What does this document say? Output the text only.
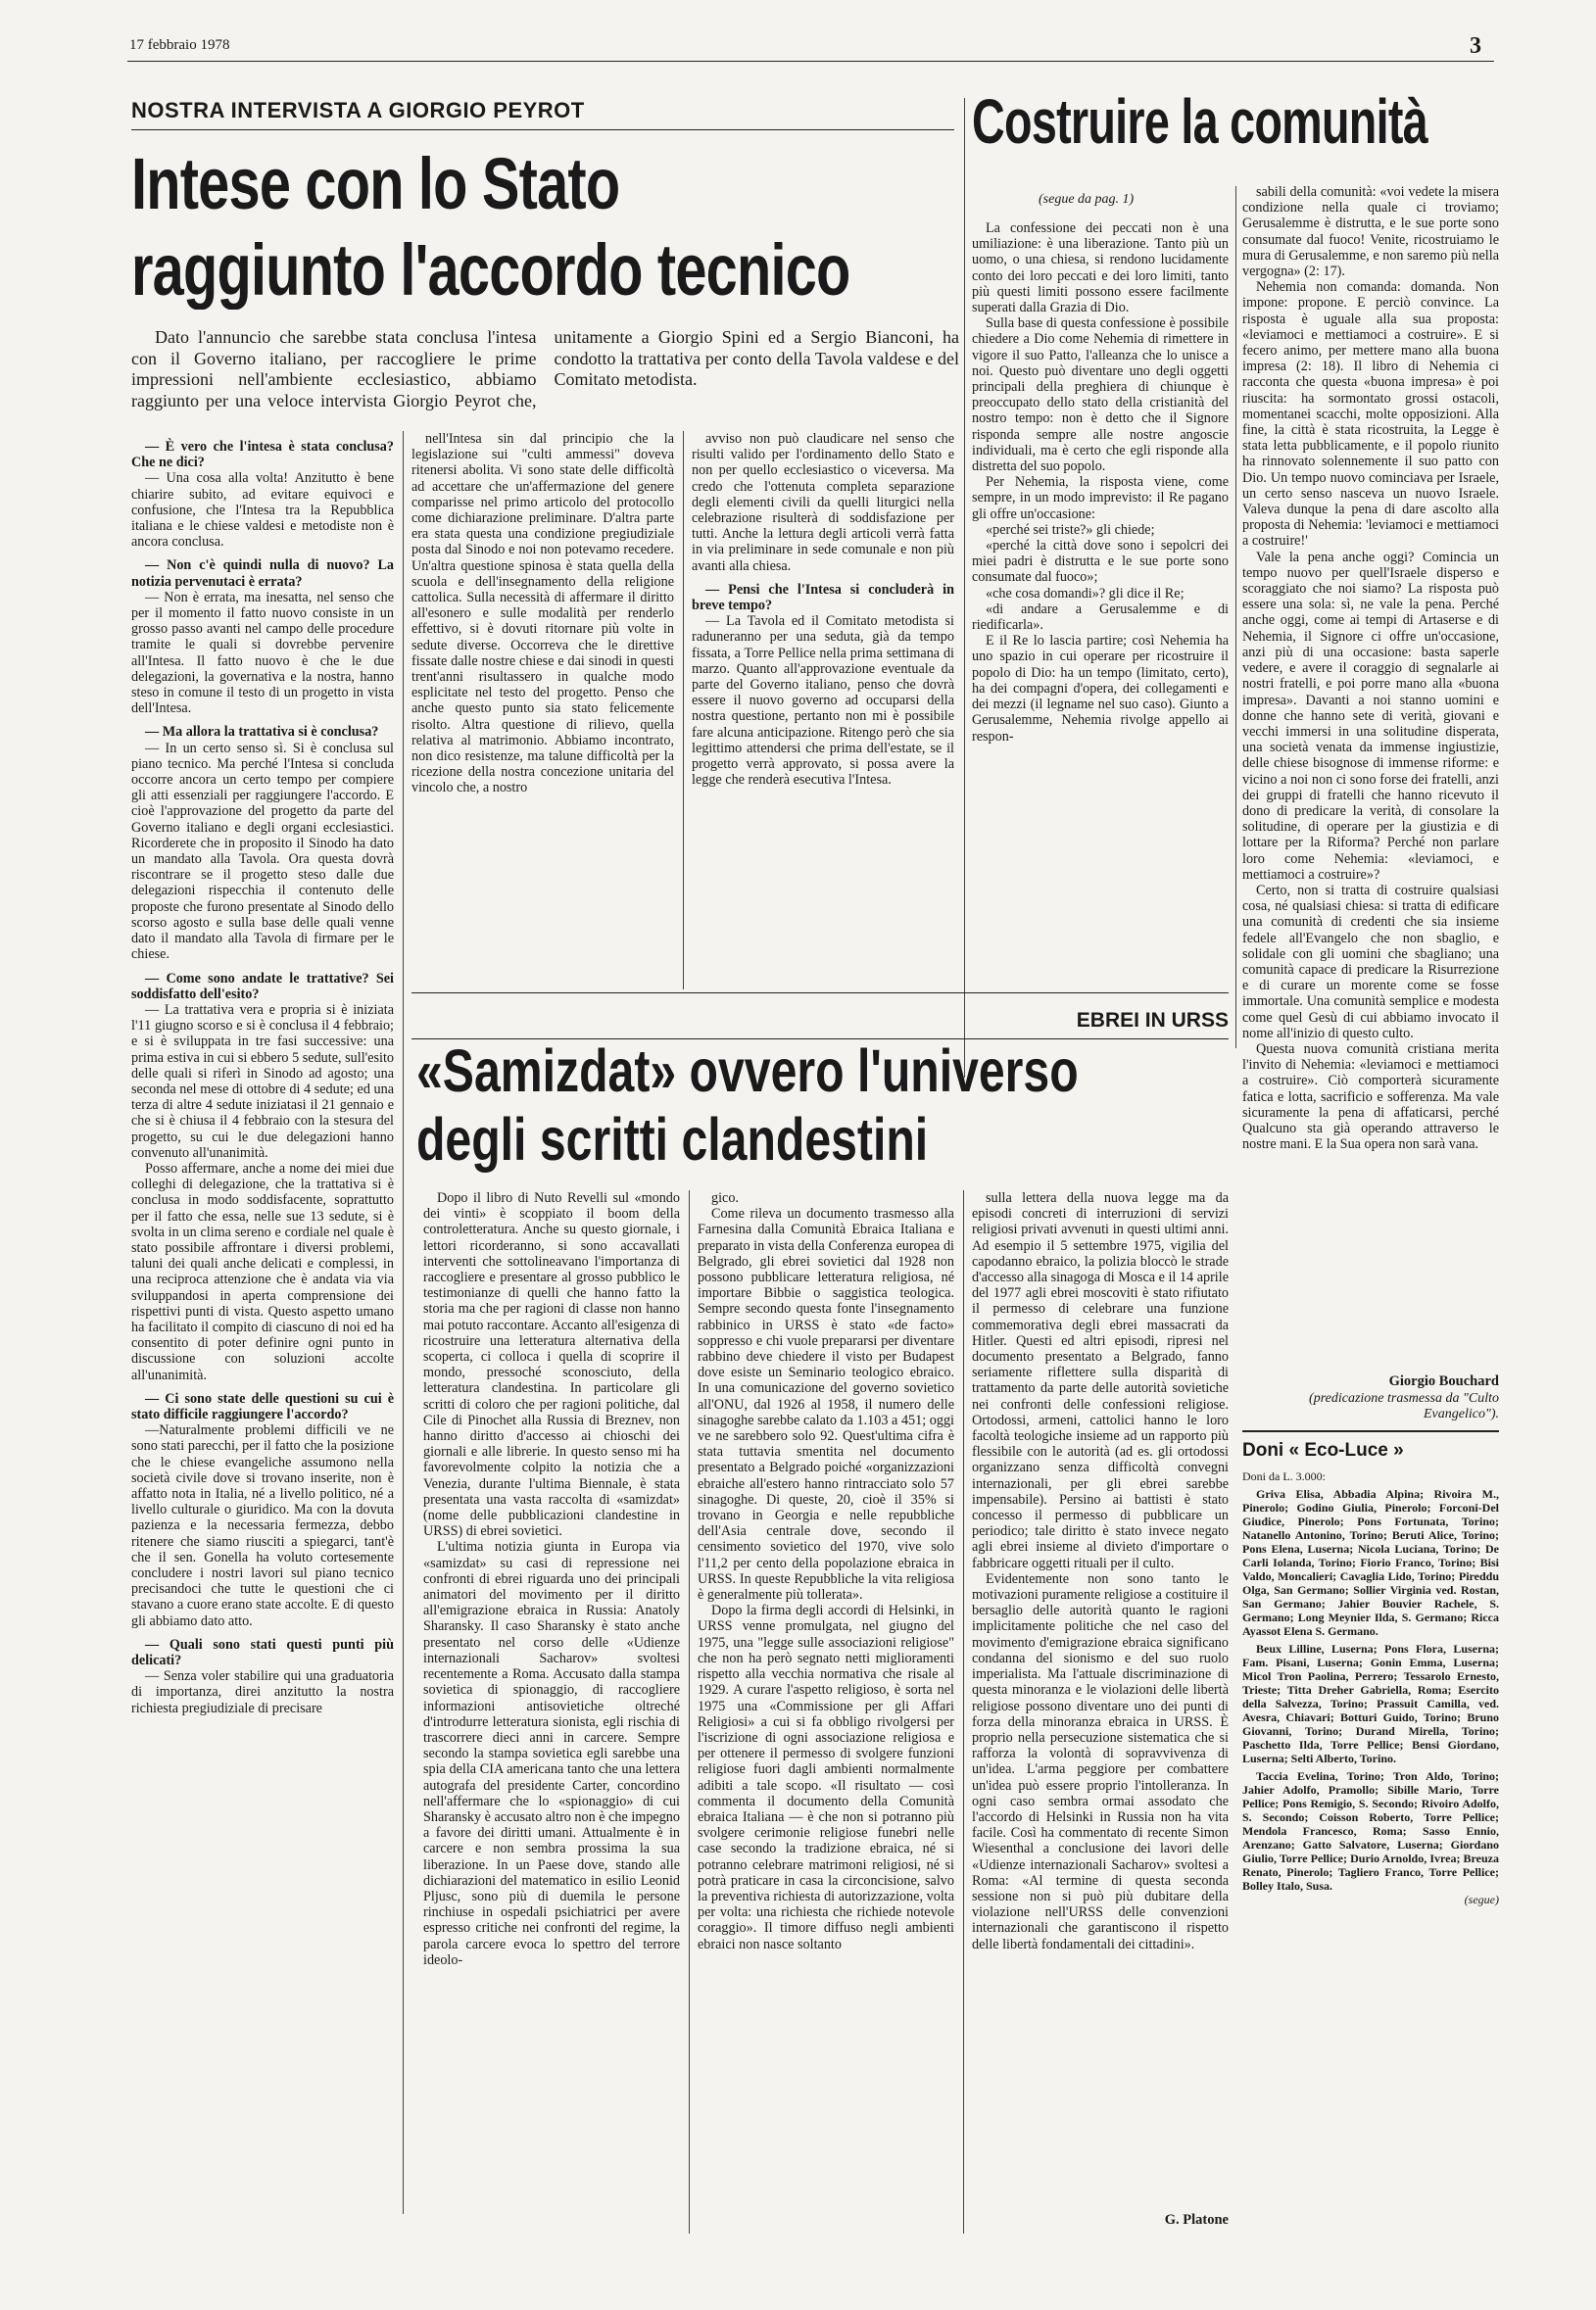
17 febbraio 1978	3
NOSTRA INTERVISTA A GIORGIO PEYROT
Intese con lo Stato
raggiunto l'accordo tecnico
Dato l'annuncio che sarebbe stata conclusa l'intesa con il Governo italiano, per raccogliere le prime impressioni nell'ambiente ecclesiastico, abbiamo raggiunto per una veloce intervista Giorgio Peyrot che, unitamente a Giorgio Spini ed a Sergio Bianconi, ha condotto la trattativa per conto della Tavola valdese e del Comitato metodista.

— È vero che l'intesa è stata conclusa? Che ne dici?

— Una cosa alla volta! Anzitutto è bene chiarire subito, ad evitare equivoci e confusione, che l'Intesa tra la Repubblica italiana e le chiese valdesi e metodiste non è ancora conclusa.

— Non c'è quindi nulla di nuovo? La notizia pervenutaci è errata?

— Non è errata, ma inesatta, nel senso che per il momento il fatto nuovo consiste in un grosso passo avanti nel campo delle procedure tramite le quali si dovrebbe pervenire all'Intesa. Il fatto nuovo è che le due delegazioni, la governativa e la nostra, hanno steso in comune il testo di un progetto in vista dell'Intesa.

— Ma allora la trattativa si è conclusa?

— In un certo senso sì. Si è conclusa sul piano tecnico. Ma perché l'Intesa si concluda occorre ancora un certo tempo per compiere gli atti essenziali per raggiungere l'accordo. E cioè l'approvazione del progetto da parte del Governo italiano e degli organi ecclesiastici. Ricorderete che in proposito il Sinodo ha dato un mandato alla Tavola. Ora questa dovrà riscontrare se il progetto steso dalle due delegazioni rispecchia il contenuto delle proposte che furono presentate al Sinodo dello scorso agosto e sulla base delle quali venne dato il mandato alla Tavola di firmare per le chiese.

— Come sono andate le trattative? Sei soddisfatto dell'esito?

— La trattativa vera e propria si è iniziata l'11 giugno scorso e si è conclusa il 4 febbraio; e si è sviluppata in tre fasi successive: una prima estiva in cui si ebbero 5 sedute, sull'esito delle quali si riferì in Sinodo ad agosto; una seconda nel mese di ottobre di 4 sedute; ed una terza di altre 4 sedute iniziatasi il 21 gennaio e che si è chiusa il 4 febbraio con la stesura del progetto, su cui le due delegazioni hanno convenuto all'unanimità.

Posso affermare, anche a nome dei miei due colleghi di delegazione, che la trattativa si è conclusa in modo soddisfacente, soprattutto per il fatto che essa, nelle sue 13 sedute, si è svolta in un clima sereno e cordiale nel quale è stato possibile affrontare i diversi problemi, taluni dei quali anche delicati e complessi, in una reciproca attenzione che è andata via via sviluppandosi in aperta comprensione dei rispettivi punti di vista. Questo aspetto umano ha facilitato il compito di ciascuno di noi ed ha consentito di poter definire ogni punto in discussione con soluzioni accolte all'unanimità.

— Ci sono state delle questioni su cui è stato difficile raggiungere l'accordo?

—Naturalmente problemi difficili ve ne sono stati parecchi, per il fatto che la posizione che le chiese evangeliche assumono nella società civile dove si trovano inserite, non è affatto nota in Italia, né a livello politico, né a livello culturale o giuridico. Ma con la dovuta pazienza e la necessaria fermezza, debbo ritenere che siamo riusciti a spiegarci, tant'è che il sen. Gonella ha voluto cortesemente concludere i nostri lavori sul piano tecnico precisandoci che tutte le questioni che ci stavano a cuore erano state accolte. E di questo gli abbiamo dato atto.

— Quali sono stati questi punti più delicati?

— Senza voler stabilire qui una graduatoria di importanza, direi anzitutto la nostra richiesta pregiudiziale di precisare

nell'Intesa sin dal principio che la legislazione sui "culti ammessi" doveva ritenersi abolita. Vi sono state delle difficoltà ad accettare che un'affermazione del genere comparisse nel primo articolo del protocollo come dichiarazione preliminare. D'altra parte era stata questa una condizione pregiudiziale posta dal Sinodo e noi non potevamo recedere. Un'altra questione spinosa è stata quella della scuola e dell'insegnamento della religione cattolica. Sulla necessità di affermare il diritto all'esonero e sulle modalità per renderlo effettivo, si è dovuti ritornare più volte in sedute diverse. Occorreva che le direttive fissate dalle nostre chiese e dai sinodi in questi trent'anni risultassero in qualche modo esplicitate nel testo del progetto. Penso che anche questo punto sia stato felicemente risolto. Altra questione di rilievo, quella relativa al matrimonio. Abbiamo incontrato, non dico resistenze, ma talune difficoltà per la ricezione della nostra concezione unitaria del vincolo che, a nostro

avviso non può claudicare nel senso che risulti valido per l'ordinamento dello Stato e non per quello ecclesiastico o viceversa. Ma credo che l'ottenuta completa separazione degli elementi civili da quelli liturgici nella celebrazione risulterà di soddisfazione per tutti. Anche la lettura degli articoli verrà fatta in via preliminare in sede comunale e non più avanti alla chiesa.

— Pensi che l'Intesa si concluderà in breve tempo?

— La Tavola ed il Comitato metodista si raduneranno per una seduta, già da tempo fissata, a Torre Pellice nella prima settimana di marzo. Quanto all'approvazione eventuale da parte del Governo italiano, penso che dovrà essere il nuovo governo ad occuparsi della nostra questione, pertanto non mi è possibile fare alcuna anticipazione. Ritengo però che sia legittimo attendersi che prima dell'estate, se il progetto verrà approvato, si possa avere la legge che renderà esecutiva l'Intesa.

Costruire la comunità
(segue da pag. 1)

La confessione dei peccati non è una umiliazione: è una liberazione. Tanto più un uomo, o una chiesa, si rendono lucidamente conto dei loro peccati e dei loro limiti, tanto più questi limiti possono essere facilmente superati dalla Grazia di Dio.

Sulla base di questa confessione è possibile chiedere a Dio come Nehemia di rimettere in vigore il suo Patto, l'alleanza che lo unisce a noi. Questo può diventare uno degli oggetti principali della preghiera di chiunque è preoccupato dello stato della cristianità del nostro tempo: non è detto che il Signore risponda sempre alle nostre angoscie individuali, ma è certo che egli risponde alla distretta del suo popolo.

Per Nehemia, la risposta viene, come sempre, in un modo imprevisto: il Re pagano gli offre un'occasione:

«perché sei triste?» gli chiede;

«perché la città dove sono i sepolcri dei miei padri è distrutta e le sue porte sono consumate dal fuoco»;

«che cosa domandi»? gli dice il Re;

«di andare a Gerusalemme e di riedificarla».

E il Re lo lascia partire; così Nehemia ha uno spazio in cui operare per ricostruire il popolo di Dio: ha un tempo (limitato, certo), ha dei compagni d'opera, dei collegamenti e dei mezzi (il legname nel suo caso). Giunto a Gerusalemme, Nehemia rivolge appello ai respon-

sabili della comunità: «voi vedete la misera condizione nella quale ci troviamo; Gerusalemme è distrutta, e le sue porte sono consumate dal fuoco! Venite, ricostruiamo le mura di Gerusalemme, e non saremo più nella vergogna» (2: 17).

Nehemia non comanda: domanda. Non impone: propone. E perciò convince. La risposta è uguale alla sua proposta: «leviamoci e mettiamoci a costruire». E si fecero animo, per mettere mano alla buona impresa (2: 18). Il libro di Nehemia ci racconta che questa «buona impresa» è poi riuscita: ha sormontato grossi ostacoli, momentanei scacchi, molte opposizioni. Alla fine, la città è stata ricostruita, la Legge è stata letta pubblicamente, e il popolo riunito ha rinnovato solennemente il suo patto con Dio. Un tempo nuovo cominciava per Israele, un certo senso nasceva un nuovo Israele. Valeva dunque la pena di dare ascolto alla proposta di Nehemia: 'leviamoci e mettiamoci a costruire!'

Vale la pena anche oggi? Comincia un tempo nuovo per quell'Israele disperso e scoraggiato che noi siamo? La risposta può essere una sola: sì, ne vale la pena. Perché anche oggi, come ai tempi di Artaserse e di Nehemia, il Signore ci offre un'occasione, anzi più di una occasione: basta saperle vedere, e avere il coraggio di segnalarle ai nostri fratelli, e poi porre mano alla «buona impresa». Davanti a noi stanno uomini e donne che hanno sete di verità, giovani e vecchi immersi in una solitudine disperata, una società venata da immense ingiustizie, delle chiese bisognose di immense riforme: e vicino a noi non ci sono forse dei fratelli, anzi dei gruppi di fratelli che hanno ricevuto il dono di predicare la verità, di consolare la solitudine, di operare per la giustizia e di lottare per la Riforma? Perché non parlare loro come Nehemia: «leviamoci, e mettiamoci a costruire»?

Certo, non si tratta di costruire qualsiasi cosa, né qualsiasi chiesa: si tratta di edificare una comunità di credenti che sia insieme fedele all'Evangelo che non sbaglio, e solidale con gli uomini che sbagliano; una comunità capace di predicare la Risurrezione e di curare un morente come se fosse immortale. Una comunità semplice e modesta come quel Gesù di cui abbiamo invocato il nome all'inizio di questo culto.

Questa nuova comunità cristiana merita l'invito di Nehemia: «leviamoci e mettiamoci a costruire». Ciò comporterà sicuramente fatica e lotta, sacrificio e sofferenza. Ma vale sicuramente la pena di affaticarsi, perché Qualcuno sta già operando attraverso le nostre mani. E la Sua opera non sarà vana.

Giorgio Bouchard
(predicazione trasmessa da "Culto Evangelico").
Doni « Eco-Luce »
Doni da L. 3.000:
Griva Elisa, Abbadia Alpina; Rivoira M., Pinerolo; Godino Giulia, Pinerolo; Forconi-Del Giudice, Pinerolo; Pons Fortunata, Torino; Natanello Antonino, Torino; Beruti Alice, Torino; Pons Elena, Luserna; Nicola Luciana, Torino; De Carli Iolanda, Torino; Fiorio Franco, Torino; Bisi Valdo, Moncalieri; Cavaglia Lido, Torino; Pireddu Olga, San Germano; Sollier Virginia ved. Rostan, San Germano; Jahier Bouvier Rachele, S. Germano; Long Meynier Ilda, S. Germano; Ricca Ayassot Elena S. Germano.
Beux Lilline, Luserna; Pons Flora, Luserna; Fam. Pisani, Luserna; Gonin Emma, Luserna; Micol Tron Paolina, Perrero; Tessarolo Ernesto, Trieste; Titta Dreher Gabriella, Roma; Esercito della Salvezza, Torino; Prassuit Camilla, ved. Avesra, Chiavari; Botturi Guido, Torino; Bruno Giovanni, Torino; Durand Mirella, Torino; Paschetto Ilda, Torre Pellice; Bensi Giordano, Luserna; Selti Alberto, Torino.
Taccia Evelina, Torino; Tron Aldo, Torino; Jahier Adolfo, Pramollo; Sibille Mario, Torre Pellice; Pons Remigio, S. Secondo; Rivoiro Adolfo, S. Secondo; Coisson Roberto, Torre Pellice; Mendola Francesco, Roma; Sasso Ennio, Arenzano; Gatto Salvatore, Luserna; Giordano Giulio, Torre Pellice; Durio Arnoldo, Ivrea; Breuza Renato, Pinerolo; Tagliero Franco, Torre Pellice; Bolley Italo, Susa.
(segue)
EBREI IN URSS
«Samizdat» ovvero l'universo
degli scritti clandestini

Dopo il libro di Nuto Revelli sul «mondo dei vinti» è scoppiato il boom della controletteratura. Anche su questo giornale, i lettori ricorderanno, si sono accavallati interventi che sottolineavano l'importanza di raccogliere e presentare al grosso pubblico le testimonianze di quelli che hanno fatto la storia ma che per ragioni di classe non hanno mai potuto raccontare. Accanto all'esigenza di ricostruire una letteratura alternativa della scoperta, ci colloca i quella di scoprire il mondo, pressoché sconosciuto, della letteratura clandestina. In particolare gli scritti di coloro che per ragioni politiche, dal Cile di Pinochet alla Russia di Breznev, non hanno diritto d'accesso ai chioschi dei giornali e alle librerie. In questo senso mi ha favorevolmente colpito la notizia che a Venezia, durante l'ultima Biennale, è stata presentata una vasta raccolta di «samizdat» (nome delle pubblicazioni clandestine in URSS) di ebrei sovietici.

L'ultima notizia giunta in Europa via «samizdat» su casi di repressione nei confronti di ebrei riguarda uno dei principali animatori del movimento per il diritto all'emigrazione ebraica in Russia: Anatoly Sharansky. Il caso Sharansky è stato anche presentato nel corso delle «Udienze internazionali Sacharov» svoltesi recentemente a Roma. Accusato dalla stampa sovietica di spionaggio, di raccogliere informazioni antisovietiche oltreché d'introdurre letteratura sionista, egli rischia di trascorrere dieci anni in carcere. Sempre secondo la stampa sovietica egli sarebbe una spia della CIA americana tanto che una lettera autografa del presidente Carter, concordino nell'affermare che lo «spionaggio» di cui Sharansky è accusato altro non è che impegno a favore dei diritti umani. Attualmente è in carcere e non sembra prossima la sua liberazione. In un Paese dove, stando alle dichiarazioni del matematico in esilio Leonid Pljusc, sono più di duemila le persone rinchiuse in ospedali psichiatrici per avere espresso critiche nei confronti del regime, la parola carcere evoca lo spettro del terrore ideolo-

gico.

Come rileva un documento trasmesso alla Farnesina dalla Comunità Ebraica Italiana e preparato in vista della Conferenza europea di Belgrado, gli ebrei sovietici dal 1928 non possono pubblicare letteratura religiosa, né importare Bibbie o saggistica teologica. Sempre secondo questa fonte l'insegnamento rabbinico in URSS è stato «de facto» soppresso e chi vuole prepararsi per diventare rabbino deve chiedere il visto per Budapest dove esiste un Seminario teologico ebraico. In una comunicazione del governo sovietico all'ONU, dal 1926 al 1958, il numero delle sinagoghe sarebbe calato da 1.103 a 451; oggi ve ne sarebbero solo 92. Quest'ultima cifra è stata tuttavia smentita nel documento presentato a Belgrado poiché «organizzazioni ebraiche all'estero hanno rintracciato solo 57 sinagoghe. Di queste, 20, cioè il 35% si trovano in Georgia e nelle repubbliche dell'Asia centrale dove, secondo il censimento sovietico del 1970, vive solo l'11,2 per cento della popolazione ebraica in URSS. In queste Repubbliche la vita religiosa è generalmente più tollerata».

Dopo la firma degli accordi di Helsinki, in URSS venne promulgata, nel giugno del 1975, una "legge sulle associazioni religiose" che non ha però segnato netti miglioramenti rispetto alla vecchia normativa che risale al 1929. A curare l'aspetto religioso, è sorta nel 1975 una «Commissione per gli Affari Religiosi» a cui si fa obbligo rivolgersi per l'iscrizione di ogni associazione religiosa e per ottenere il permesso di svolgere funzioni religiose fuori dagli ambienti normalmente adibiti a tale scopo. «Il risultato — così commenta il documento della Comunità ebraica Italiana — è che non si potranno più svolgere cerimonie religiose funebri nelle case secondo la tradizione ebraica, né si potranno celebrare matrimoni religiosi, né si potrà praticare in casa la circoncisione, salvo la preventiva richiesta di autorizzazione, volta per volta: una richiesta che richiede notevole coraggio». Il timore diffuso negli ambienti ebraici non nasce soltanto

sulla lettera della nuova legge ma da episodi concreti di interruzioni di servizi religiosi privati avvenuti in questi ultimi anni. Ad esempio il 5 settembre 1975, vigilia del capodanno ebraico, la polizia bloccò le strade d'accesso alla sinagoga di Mosca e il 14 aprile del 1977 agli ebrei moscoviti è stato rifiutato il permesso di celebrare una funzione commemorativa degli ebrei massacrati da Hitler. Questi ed altri episodi, ripresi nel documento presentato a Belgrado, fanno seriamente riflettere sulla disparità di trattamento da parte delle autorità sovietiche nei confronti delle confessioni religiose. Ortodossi, armeni, cattolici hanno le loro facoltà teologiche insieme ad un rapporto più flessibile con le autorità (ad es. gli ortodossi organizzano senza difficoltà convegni internazionali, per gli ebrei sarebbe impensabile). Persino ai battisti è stato concesso il permesso di pubblicare un periodico; tale diritto è stato invece negato agli ebrei insieme al divieto d'importare o fabbricare oggetti rituali per il culto.

Evidentemente non sono tanto le motivazioni puramente religiose a costituire il bersaglio delle autorità quanto le ragioni implicitamente politiche che nel caso del movimento d'emigrazione ebraica significano condanna del sionismo e del suo ruolo imperialista. Ma l'attuale discriminazione di questa minoranza e le violazioni delle libertà religiose possono diventare uno dei punti di forza della minoranza ebraica in URSS. È proprio nella persecuzione sistematica che si rafforza la volontà di sopravvivenza di un'idea. L'arma peggiore per combattere un'idea può essere proprio l'intolleranza. In ogni caso sembra ormai assodato che l'accordo di Helsinki in Russia non ha vita facile. Così ha commentato di recente Simon Wiesenthal a conclusione dei lavori delle «Udienze internazionali Sacharov» svoltesi a Roma: «Al termine di questa seconda sessione non si può più dubitare della violazione nell'URSS delle convenzioni internazionali che garantiscono il rispetto delle libertà fondamentali dei cittadini».

G. Platone
